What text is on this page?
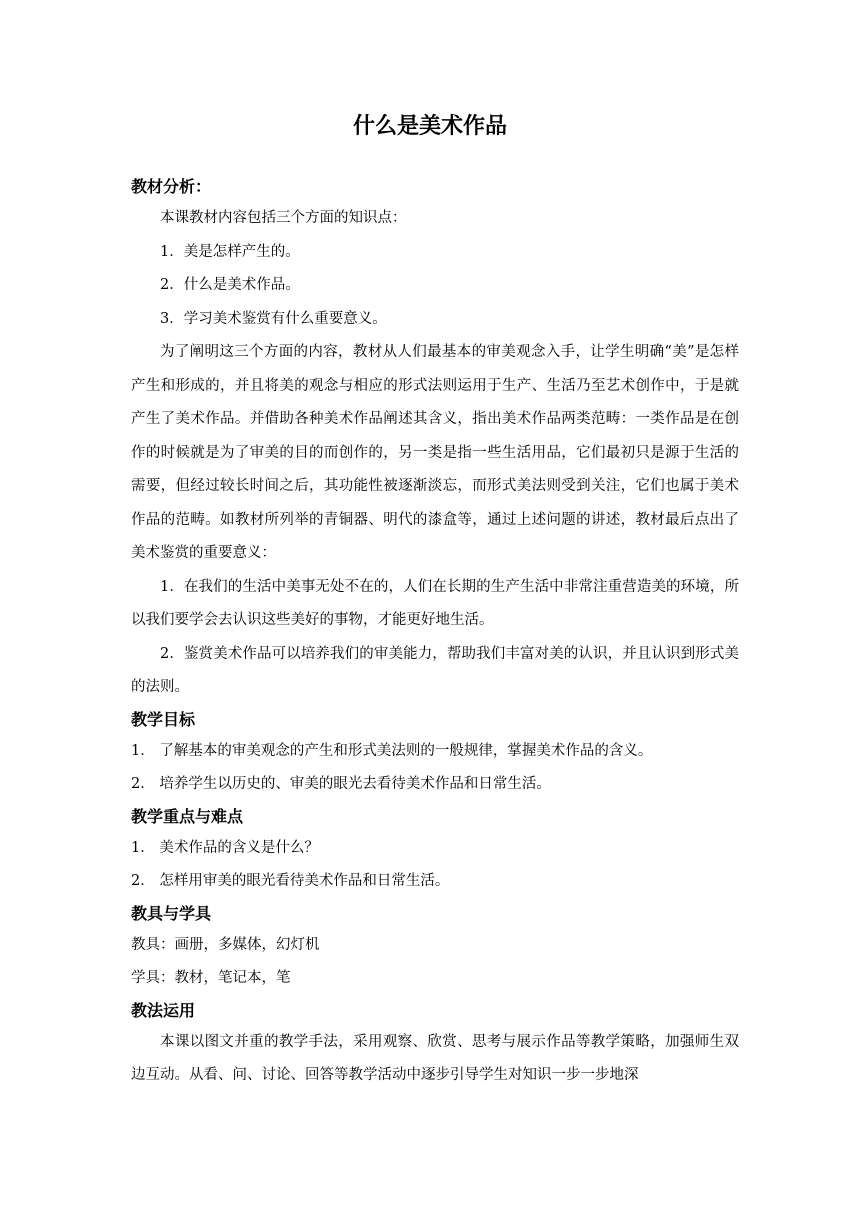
什么是美术作品
教材分析：

本课教材内容包括三个方面的知识点：

1．美是怎样产生的。

2．什么是美术作品。

3．学习美术鉴赏有什么重要意义。

为了阐明这三个方面的内容，教材从人们最基本的审美观念入手，让学生明确“美”是怎样产生和形成的，并且将美的观念与相应的形式法则运用于生产、生活乃至艺术创作中，于是就产生了美术作品。并借助各种美术作品阐述其含义，指出美术作品两类范畴：一类作品是在创作的时候就是为了审美的目的而创作的，另一类是指一些生活用品，它们最初只是源于生活的需要，但经过较长时间之后，其功能性被逐渐淡忘，而形式美法则受到关注，它们也属于美术作品的范畴。如教材所列举的青铜器、明代的漆盒等，通过上述问题的讲述，教材最后点出了美术鉴赏的重要意义：

1．在我们的生活中美事无处不在的，人们在长期的生产生活中非常注重营造美的环境，所以我们要学会去认识这些美好的事物，才能更好地生活。

2．鉴赏美术作品可以培养我们的审美能力，帮助我们丰富对美的认识，并且认识到形式美的法则。

教学目标

1． 了解基本的审美观念的产生和形式美法则的一般规律，掌握美术作品的含义。

2． 培养学生以历史的、审美的眼光去看待美术作品和日常生活。

教学重点与难点

1． 美术作品的含义是什么？

2． 怎样用审美的眼光看待美术作品和日常生活。

教具与学具

教具：画册，多媒体，幻灯机

学具：教材，笔记本，笔

教法运用

本课以图文并重的教学手法，采用观察、欣赏、思考与展示作品等教学策略，加强师生双边互动。从看、问、讨论、回答等教学活动中逐步引导学生对知识一步一步地深
